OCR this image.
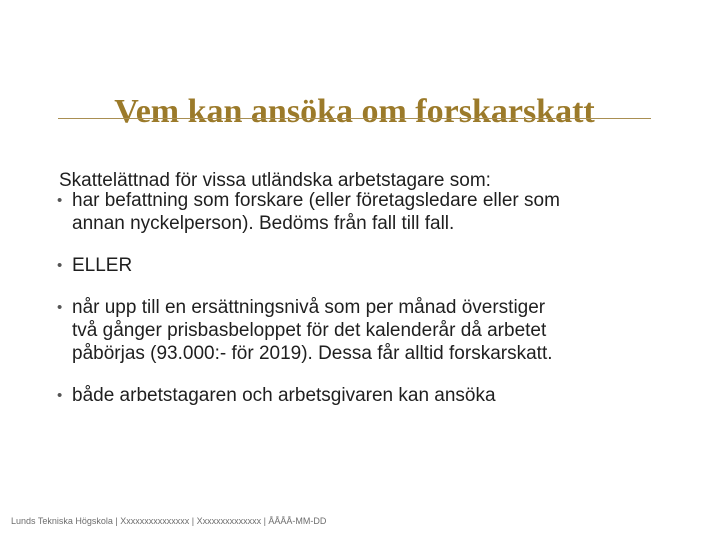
Vem kan ansöka om forskarskatt

Skattelättnad för vissa utländska arbetstagare som:

• har befattning som forskare (eller företagsledare eller som
annan nyckelperson). Bedöms från fall till fall.
• ELLER
• når upp till en ersättningsnivå som per månad överstiger
två gånger prisbasbeloppet för det kalenderår då arbetet
påbörjas (93.000:- för 2019). Dessa får alltid forskarskatt.
• både arbetstagaren och arbetsgivaren kan ansöka
Lunds Tekniska Högskola | Xxxxxxxxxxxxxxx | Xxxxxxxxxxxxxx | ÅÅÅÅ-MM-DD
